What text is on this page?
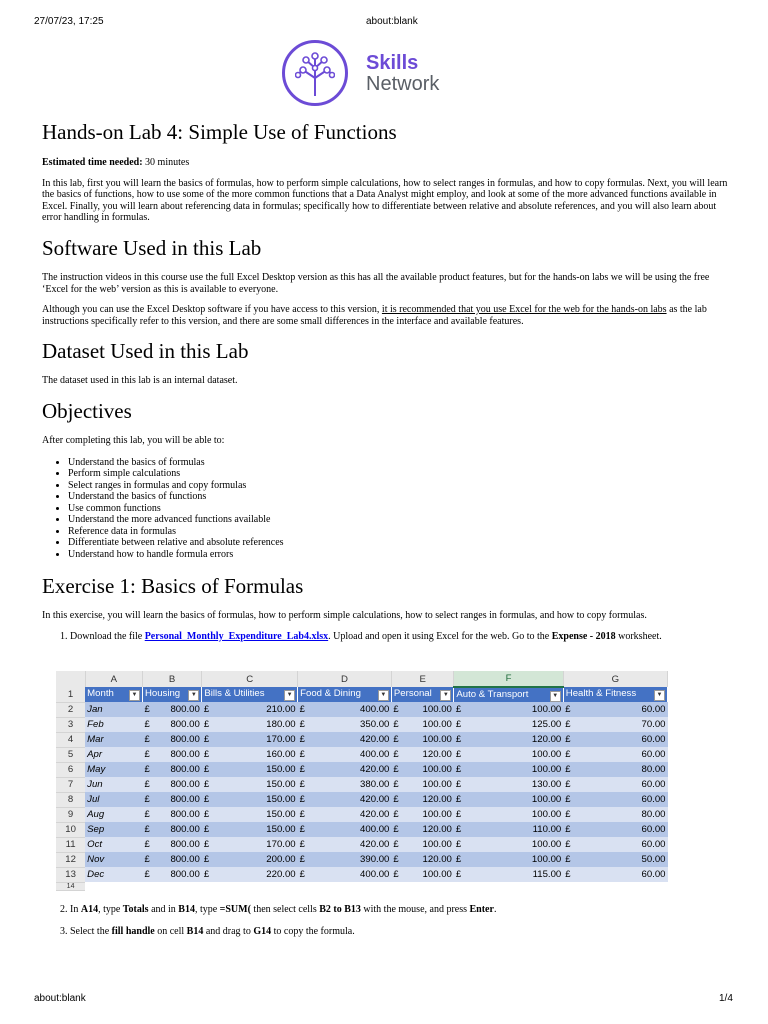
27/07/23, 17:25	about:blank
Skills
Network
Hands-on Lab 4: Simple Use of Functions

Estimated time needed: 30 minutes

In this lab, first you will learn the basics of formulas, how to perform simple calculations, how to select ranges in formulas, and how to copy formulas. Next, you will learn the basics of functions, how to use some of the more common functions that a Data Analyst might employ, and look at some of the more advanced functions available in Excel. Finally, you will learn about referencing data in formulas; specifically how to differentiate between relative and absolute references, and you will also learn about error handling in formulas.

Software Used in this Lab

The instruction videos in this course use the full Excel Desktop version as this has all the available product features, but for the hands-on labs we will be using the free ‘Excel for the web’ version as this is available to everyone.

Although you can use the Excel Desktop software if you have access to this version, it is recommended that you use Excel for the web for the hands-on labs as the lab instructions specifically refer to this version, and there are some small differences in the interface and available features.

Dataset Used in this Lab

The dataset used in this lab is an internal dataset.

Objectives

After completing this lab, you will be able to:

• Understand the basics of formulas
• Perform simple calculations
• Select ranges in formulas and copy formulas
• Understand the basics of functions
• Use common functions
• Understand the more advanced functions available
• Reference data in formulas
• Differentiate between relative and absolute references
• Understand how to handle formula errors
Exercise 1: Basics of Formulas

In this exercise, you will learn the basics of formulas, how to perform simple calculations, how to select ranges in formulas, and how to copy formulas.

1. Download the file Personal_Monthly_Expenditure_Lab4.xlsx. Upload and open it using Excel for the web. Go to the Expense - 2018 worksheet.
2. In A14, type Totals and in B14, type =SUM( then select cells B2 to B13 with the mouse, and press Enter.
3. Select the fill handle on cell B14 and drag to G14 to copy the formula.
	A	B	C	D	E	F	G
1	Month ▼	Housing ▼	Bills & Utilities ▼	Food & Dining ▼	Personal ▼	Auto & Transport ▼	Health & Fitness ▼

2	Jan	£ 800.00	£ 210.00	£ 400.00	£ 100.00	£ 100.00	£ 60.00

3	Feb	£ 800.00	£ 180.00	£ 350.00	£ 100.00	£ 125.00	£ 70.00

4	Mar	£ 800.00	£ 170.00	£ 420.00	£ 100.00	£ 120.00	£ 60.00

5	Apr	£ 800.00	£ 160.00	£ 400.00	£ 120.00	£ 100.00	£ 60.00

6	May	£ 800.00	£ 150.00	£ 420.00	£ 100.00	£ 100.00	£ 80.00

7	Jun	£ 800.00	£ 150.00	£ 380.00	£ 100.00	£ 130.00	£ 60.00

8	Jul	£ 800.00	£ 150.00	£ 420.00	£ 120.00	£ 100.00	£ 60.00

9	Aug	£ 800.00	£ 150.00	£ 420.00	£ 100.00	£ 100.00	£ 80.00

10	Sep	£ 800.00	£ 150.00	£ 400.00	£ 120.00	£ 110.00	£ 60.00

11	Oct	£ 800.00	£ 170.00	£ 420.00	£ 100.00	£ 100.00	£ 60.00

12	Nov	£ 800.00	£ 200.00	£ 390.00	£ 120.00	£ 100.00	£ 50.00

13	Dec	£ 800.00	£ 220.00	£ 400.00	£ 100.00	£ 115.00	£ 60.00

14							
about:blank	1/4
